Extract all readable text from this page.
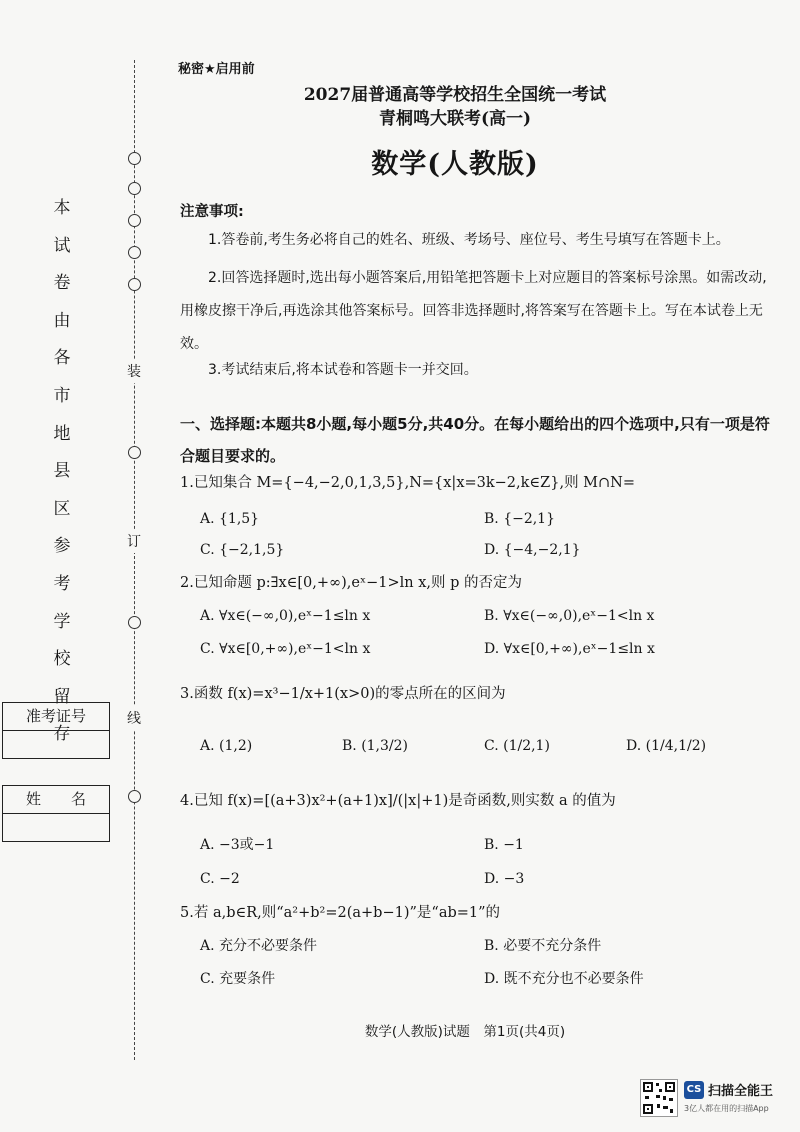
秘密★启用前
2027届普通高等学校招生全国统一考试
青桐鸣大联考(高一)
数学(人教版)
装
订
线
本
试
卷
由
各
市
地
县
区
参
考
学
校
留
存
准考证号
姓　　名
注意事项:
1.答卷前,考生务必将自己的姓名、班级、考场号、座位号、考生号填写在答题卡上。
2.回答选择题时,选出每小题答案后,用铅笔把答题卡上对应题目的答案标号涂黑。如需改动,用橡皮擦干净后,再选涂其他答案标号。回答非选择题时,将答案写在答题卡上。写在本试卷上无效。
3.考试结束后,将本试卷和答题卡一并交回。
一、选择题:本题共8小题,每小题5分,共40分。在每小题给出的四个选项中,只有一项是符合题目要求的。
1.已知集合 M={−4,−2,0,1,3,5},N={x|x=3k−2,k∈Z},则 M∩N=
A. {1,5}	B. {−2,1}
C. {−2,1,5}	D. {−4,−2,1}
2.已知命题 p:∃x∈[0,+∞),eˣ−1>ln x,则 p 的否定为
A. ∀x∈(−∞,0),eˣ−1≤ln x	B. ∀x∈(−∞,0),eˣ−1<ln x
C. ∀x∈[0,+∞),eˣ−1<ln x	D. ∀x∈[0,+∞),eˣ−1≤ln x
3.函数 f(x)=x³−1/x+1(x>0)的零点所在的区间为
A. (1,2)	B. (1,3/2)	C. (1/2,1)	D. (1/4,1/2)
4.已知 f(x)=[(a+3)x²+(a+1)x]/(|x|+1)是奇函数,则实数 a 的值为
A. −3或−1	B. −1
C. −2	D. −3
5.若 a,b∈R,则“a²+b²=2(a+b−1)”是“ab=1”的
A. 充分不必要条件	B. 必要不充分条件
C. 充要条件	D. 既不充分也不必要条件
数学(人教版)试题　第1页(共4页)
CS 扫描全能王
3亿人都在用的扫描App
